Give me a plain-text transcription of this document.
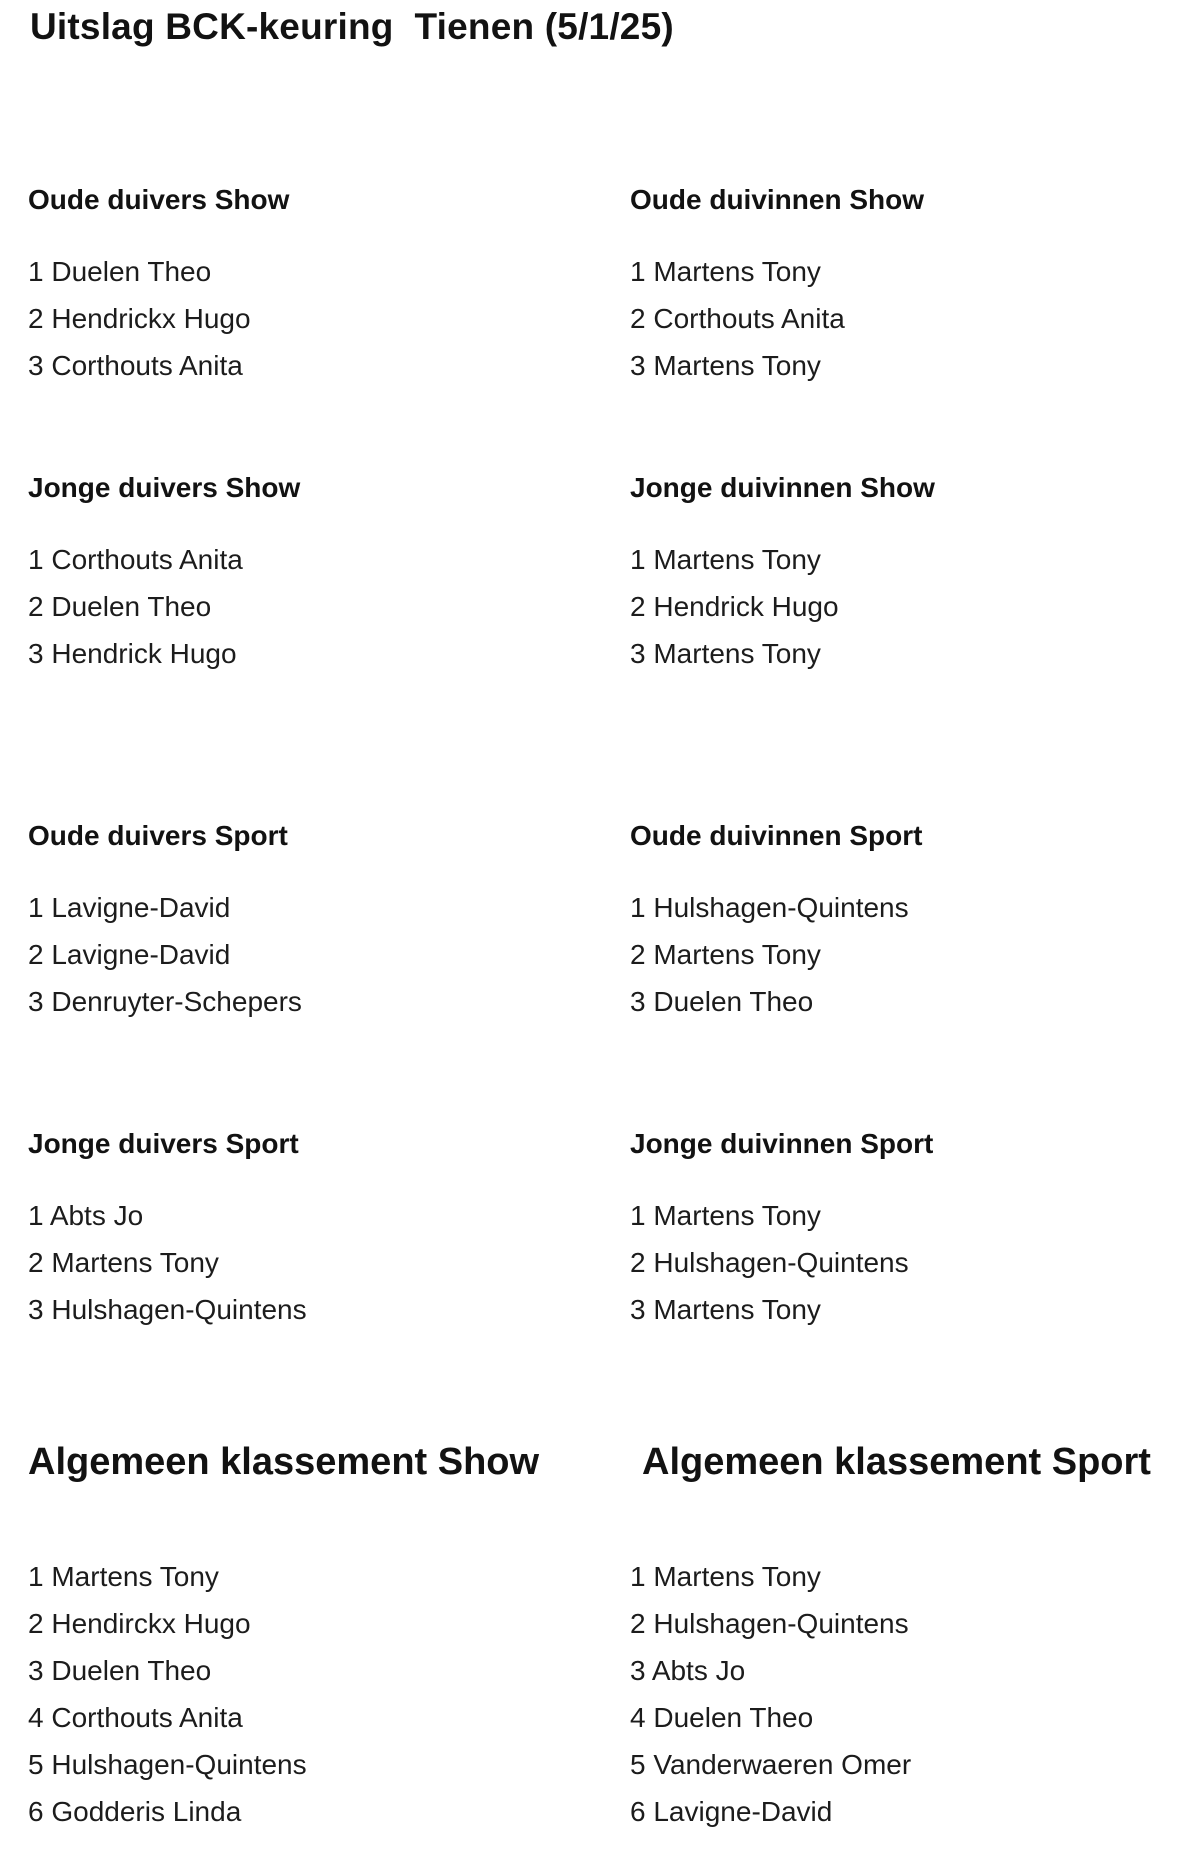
Uitslag BCK-keuring  Tienen (5/1/25)
Oude duivers Show
1 Duelen Theo
2 Hendrickx Hugo
3 Corthouts Anita
Oude duivinnen Show
1 Martens Tony
2 Corthouts Anita
3 Martens Tony
Jonge duivers Show
1 Corthouts Anita
2 Duelen Theo
3 Hendrick Hugo
Jonge duivinnen Show
1 Martens Tony
2 Hendrick Hugo
3 Martens Tony
Oude duivers Sport
1 Lavigne-David
2 Lavigne-David
3 Denruyter-Schepers
Oude duivinnen Sport
1 Hulshagen-Quintens
2 Martens Tony
3 Duelen Theo
Jonge duivers Sport
1 Abts Jo
2 Martens Tony
3 Hulshagen-Quintens
Jonge duivinnen Sport
1 Martens Tony
2 Hulshagen-Quintens
3 Martens Tony
Algemeen klassement Show
1 Martens Tony
2 Hendirckx Hugo
3 Duelen Theo
4 Corthouts Anita
5 Hulshagen-Quintens
6 Godderis Linda
Algemeen klassement Sport
1 Martens Tony
2 Hulshagen-Quintens
3 Abts Jo
4 Duelen Theo
5 Vanderwaeren Omer
6 Lavigne-David
